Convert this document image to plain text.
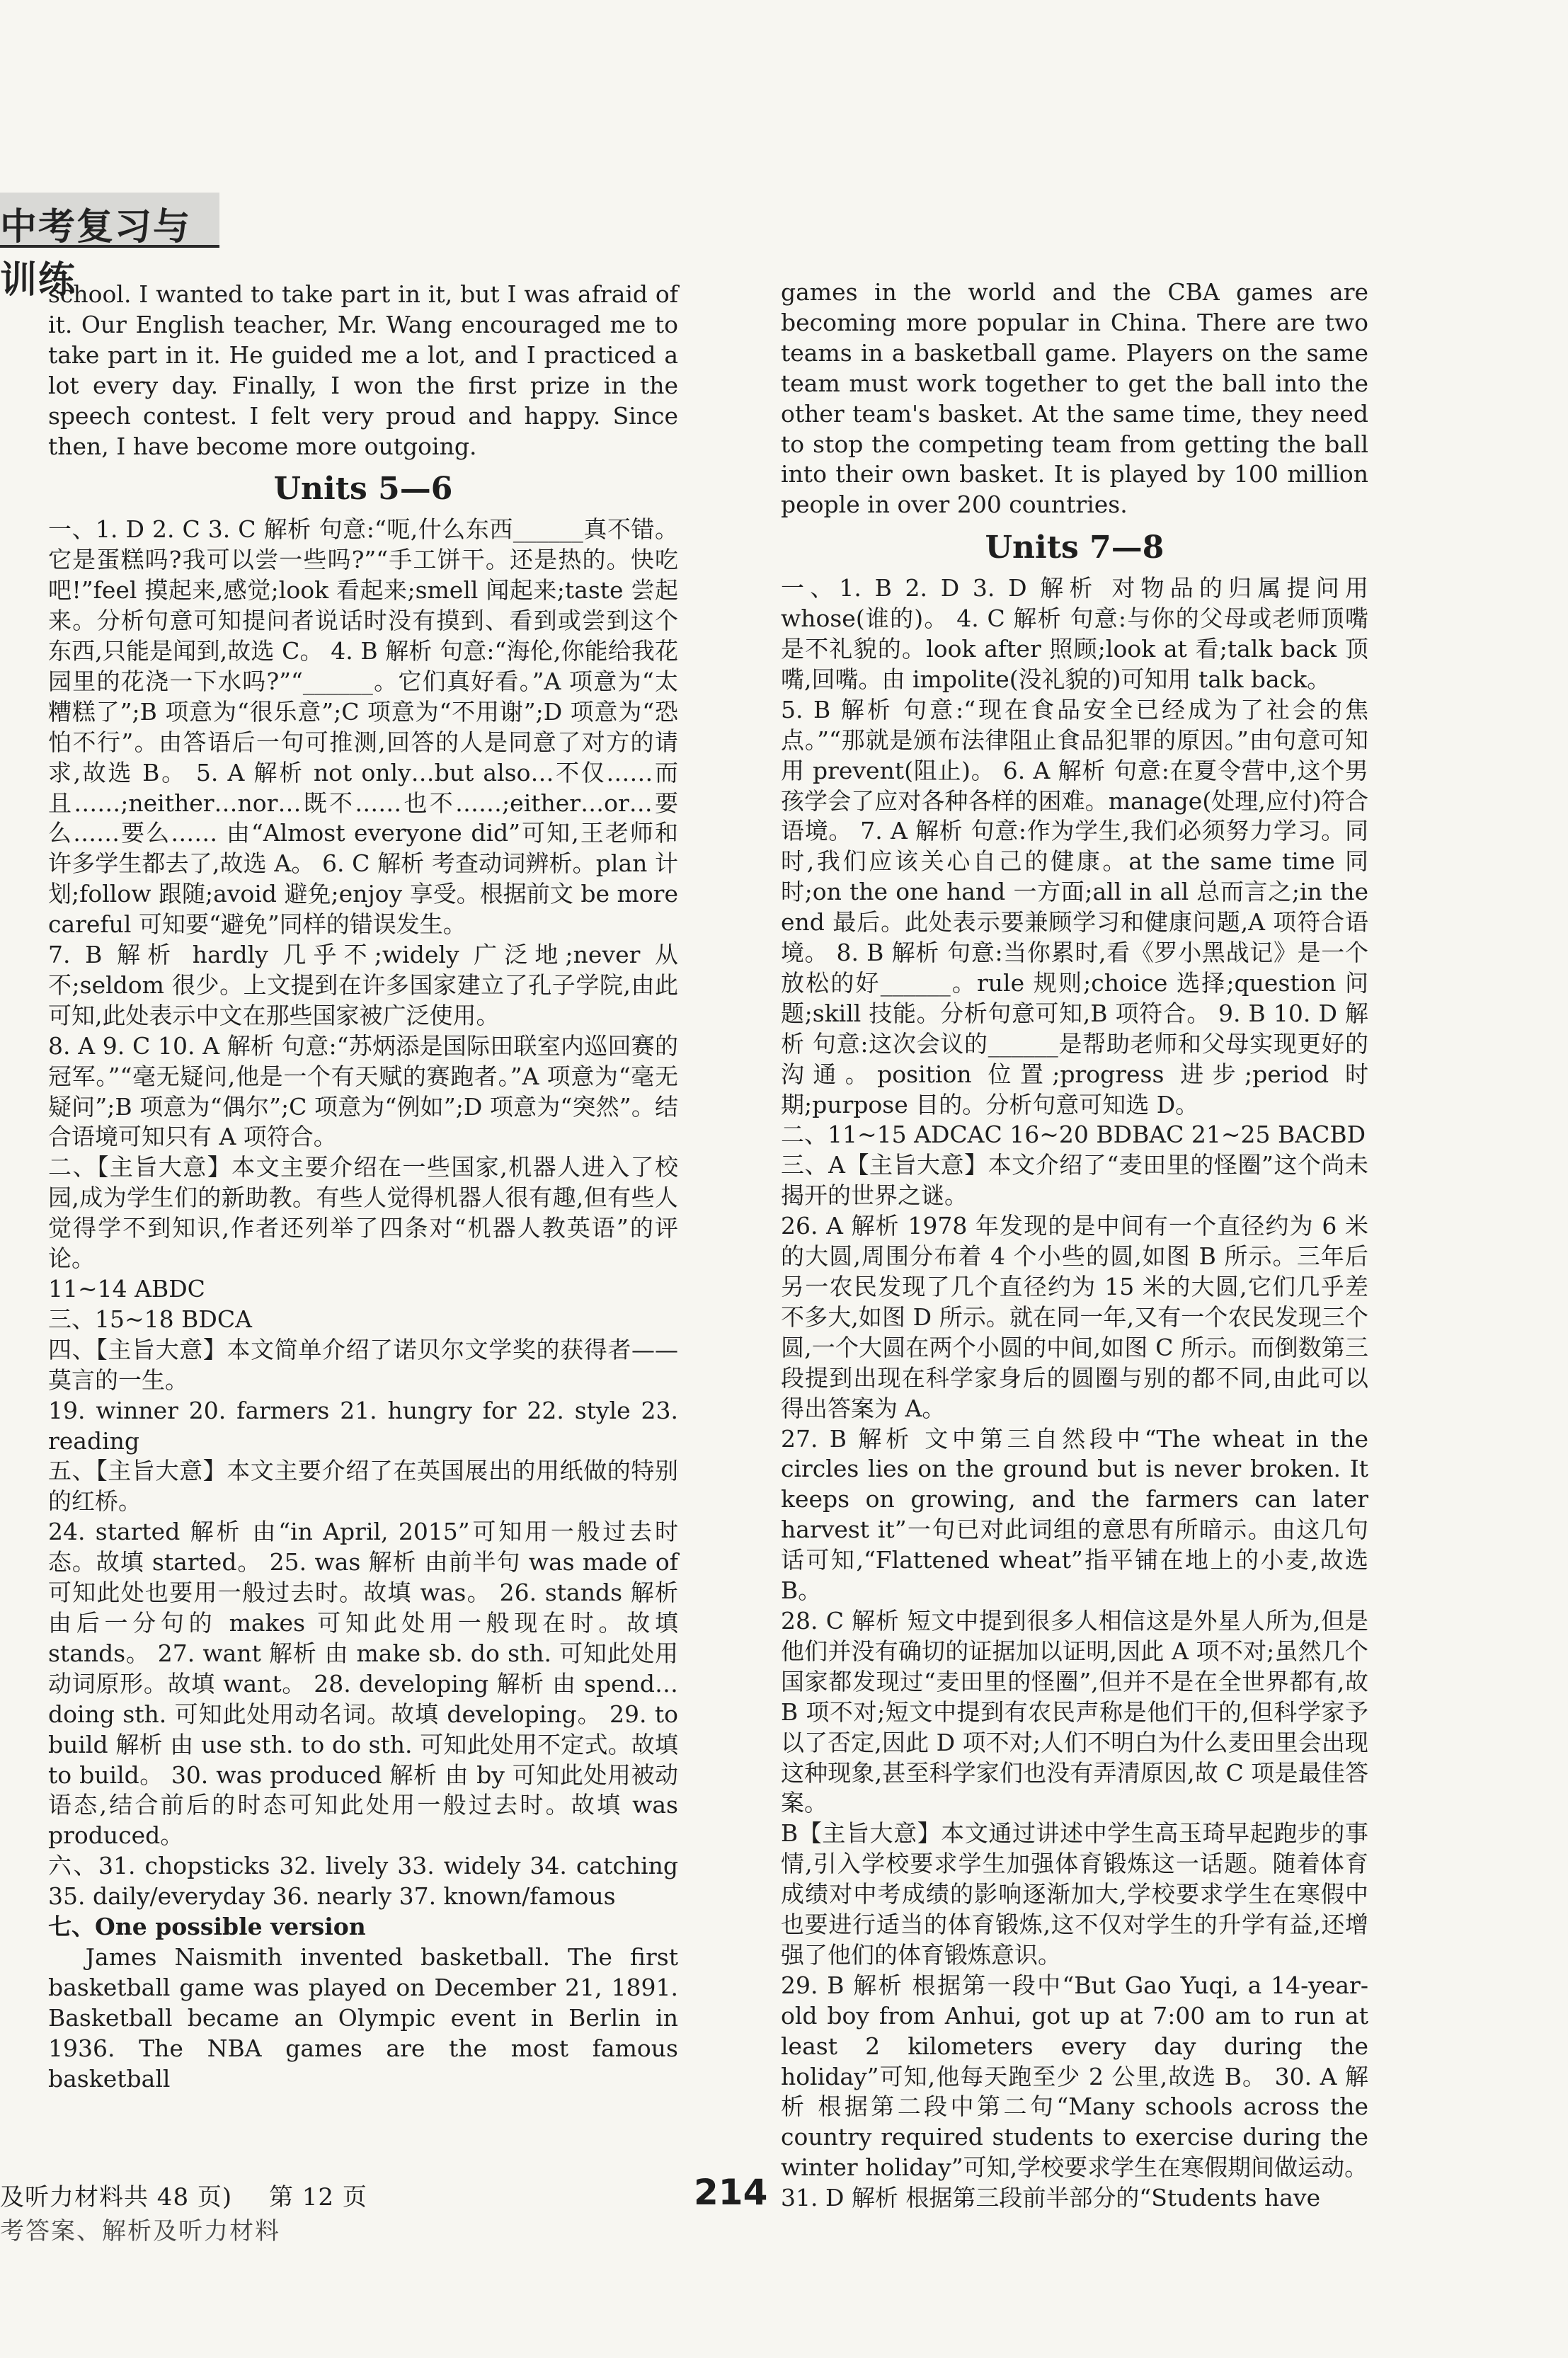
中考复习与训练

school. I wanted to take part in it, but I was afraid of it. Our English teacher, Mr. Wang encouraged me to take part in it. He guided me a lot, and I practiced a lot every day. Finally, I won the first prize in the speech contest. I felt very proud and happy. Since then, I have become more outgoing.

Units 5—6

一、1. D 2. C 3. C 解析 句意:“呃,什么东西______真不错。它是蛋糕吗?我可以尝一些吗?”“手工饼干。还是热的。快吃吧!”feel 摸起来,感觉;look 看起来;smell 闻起来;taste 尝起来。分析句意可知提问者说话时没有摸到、看到或尝到这个东西,只能是闻到,故选 C。 4. B 解析 句意:“海伦,你能给我花园里的花浇一下水吗?”“______。它们真好看。”A 项意为“太糟糕了”;B 项意为“很乐意”;C 项意为“不用谢”;D 项意为“恐怕不行”。由答语后一句可推测,回答的人是同意了对方的请求,故选 B。 5. A 解析 not only…but also…不仅……而且……;neither…nor…既不……也不……;either…or…要么……要么…… 由“Almost everyone did”可知,王老师和许多学生都去了,故选 A。 6. C 解析 考查动词辨析。plan 计划;follow 跟随;avoid 避免;enjoy 享受。根据前文 be more careful 可知要“避免”同样的错误发生。

7. B 解析 hardly 几乎不;widely 广泛地;never 从不;seldom 很少。上文提到在许多国家建立了孔子学院,由此可知,此处表示中文在那些国家被广泛使用。

8. A 9. C 10. A 解析 句意:“苏炳添是国际田联室内巡回赛的冠军。”“毫无疑问,他是一个有天赋的赛跑者。”A 项意为“毫无疑问”;B 项意为“偶尔”;C 项意为“例如”;D 项意为“突然”。结合语境可知只有 A 项符合。

二、【主旨大意】本文主要介绍在一些国家,机器人进入了校园,成为学生们的新助教。有些人觉得机器人很有趣,但有些人觉得学不到知识,作者还列举了四条对“机器人教英语”的评论。

11~14 ABDC

三、15~18 BDCA

四、【主旨大意】本文简单介绍了诺贝尔文学奖的获得者——莫言的一生。

19. winner 20. farmers 21. hungry for 22. style 23. reading

五、【主旨大意】本文主要介绍了在英国展出的用纸做的特别的红桥。

24. started 解析 由“in April, 2015”可知用一般过去时态。故填 started。 25. was 解析 由前半句 was made of 可知此处也要用一般过去时。故填 was。 26. stands 解析 由后一分句的 makes 可知此处用一般现在时。故填 stands。 27. want 解析 由 make sb. do sth. 可知此处用动词原形。故填 want。 28. developing 解析 由 spend…doing sth. 可知此处用动名词。故填 developing。 29. to build 解析 由 use sth. to do sth. 可知此处用不定式。故填 to build。 30. was produced 解析 由 by 可知此处用被动语态,结合前后的时态可知此处用一般过去时。故填 was produced。

六、31. chopsticks 32. lively 33. widely 34. catching 35. daily/everyday 36. nearly 37. known/famous

七、One possible version

James Naismith invented basketball. The first basketball game was played on December 21, 1891. Basketball became an Olympic event in Berlin in 1936. The NBA games are the most famous basketball

games in the world and the CBA games are becoming more popular in China. There are two teams in a basketball game. Players on the same team must work together to get the ball into the other team's basket. At the same time, they need to stop the competing team from getting the ball into their own basket. It is played by 100 million people in over 200 countries.

Units 7—8

一、1. B 2. D 3. D 解析 对物品的归属提问用 whose(谁的)。 4. C 解析 句意:与你的父母或老师顶嘴是不礼貌的。look after 照顾;look at 看;talk back 顶嘴,回嘴。由 impolite(没礼貌的)可知用 talk back。

5. B 解析 句意:“现在食品安全已经成为了社会的焦点。”“那就是颁布法律阻止食品犯罪的原因。”由句意可知用 prevent(阻止)。 6. A 解析 句意:在夏令营中,这个男孩学会了应对各种各样的困难。manage(处理,应付)符合语境。 7. A 解析 句意:作为学生,我们必须努力学习。同时,我们应该关心自己的健康。at the same time 同时;on the one hand 一方面;all in all 总而言之;in the end 最后。此处表示要兼顾学习和健康问题,A 项符合语境。 8. B 解析 句意:当你累时,看《罗小黑战记》是一个放松的好______。rule 规则;choice 选择;question 问题;skill 技能。分析句意可知,B 项符合。 9. B 10. D 解析 句意:这次会议的______是帮助老师和父母实现更好的沟通。position 位置;progress 进步;period 时期;purpose 目的。分析句意可知选 D。

二、11~15 ADCAC 16~20 BDBAC 21~25 BACBD

三、A【主旨大意】本文介绍了“麦田里的怪圈”这个尚未揭开的世界之谜。

26. A 解析 1978 年发现的是中间有一个直径约为 6 米的大圆,周围分布着 4 个小些的圆,如图 B 所示。三年后另一农民发现了几个直径约为 15 米的大圆,它们几乎差不多大,如图 D 所示。就在同一年,又有一个农民发现三个圆,一个大圆在两个小圆的中间,如图 C 所示。而倒数第三段提到出现在科学家身后的圆圈与别的都不同,由此可以得出答案为 A。

27. B 解析 文中第三自然段中“The wheat in the circles lies on the ground but is never broken. It keeps on growing, and the farmers can later harvest it”一句已对此词组的意思有所暗示。由这几句话可知,“Flattened wheat”指平铺在地上的小麦,故选 B。

28. C 解析 短文中提到很多人相信这是外星人所为,但是他们并没有确切的证据加以证明,因此 A 项不对;虽然几个国家都发现过“麦田里的怪圈”,但并不是在全世界都有,故 B 项不对;短文中提到有农民声称是他们干的,但科学家予以了否定,因此 D 项不对;人们不明白为什么麦田里会出现这种现象,甚至科学家们也没有弄清原因,故 C 项是最佳答案。

B【主旨大意】本文通过讲述中学生高玉琦早起跑步的事情,引入学校要求学生加强体育锻炼这一话题。随着体育成绩对中考成绩的影响逐渐加大,学校要求学生在寒假中也要进行适当的体育锻炼,这不仅对学生的升学有益,还增强了他们的体育锻炼意识。

29. B 解析 根据第一段中“But Gao Yuqi, a 14-year-old boy from Anhui, got up at 7:00 am to run at least 2 kilometers every day during the holiday”可知,他每天跑至少 2 公里,故选 B。 30. A 解析 根据第二段中第二句“Many schools across the country required students to exercise during the winter holiday”可知,学校要求学生在寒假期间做运动。

31. D 解析 根据第三段前半部分的“Students have

及听力材料共 48 页) 第 12 页
考答案、解析及听力材料
214
